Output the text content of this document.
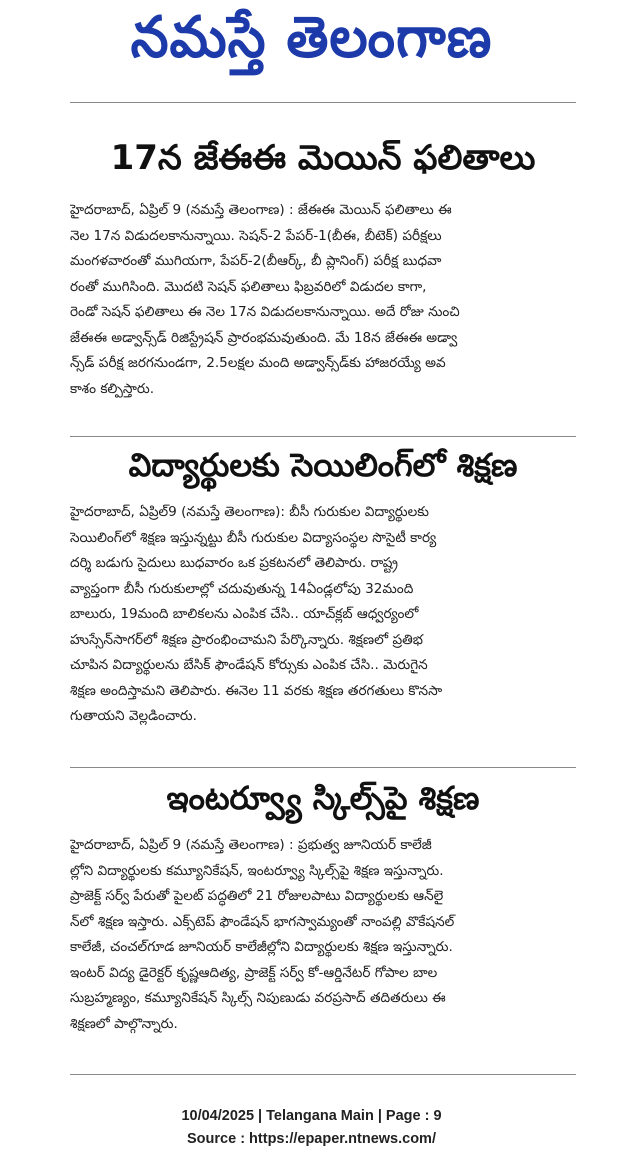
నమస్తే తెలంగాణ
17న జేఈఈ మెయిన్ ఫలితాలు
హైదరాబాద్, ఏప్రిల్ 9 (నమస్తే తెలంగాణ) : జేఈఈ మెయిన్ ఫలితాలు ఈ
నెల 17న విడుదలకానున్నాయి. సెషన్-2 పేపర్-1(బీఈ, బీటెక్) పరీక్షలు
మంగళవారంతో ముగియగా, పేపర్-2(బీఆర్క్, బీ ప్లానింగ్) పరీక్ష బుధవా
రంతో ముగిసింది. మొదటి సెషన్ ఫలితాలు ఫిబ్రవరిలో విడుదల కాగా,
రెండో సెషన్ ఫలితాలు ఈ నెల 17న విడుదలకానున్నాయి. అదే రోజు నుంచి
జేఈఈ అడ్వాన్స్‌డ్ రిజిస్ట్రేషన్ ప్రారంభమవుతుంది. మే 18న జేఈఈ అడ్వా
న్స్‌డ్ పరీక్ష జరగనుండగా, 2.5లక్షల మంది అడ్వాన్స్‌డ్‌కు హాజరయ్యే అవ
కాశం కల్పిస్తారు.
విద్యార్థులకు సెయిలింగ్‌లో శిక్షణ
హైదరాబాద్, ఏప్రిల్9 (నమస్తే తెలంగాణ): బీసీ గురుకుల విద్యార్థులకు
సెయిలింగ్‌లో శిక్షణ ఇస్తున్నట్టు బీసీ గురుకుల విద్యాసంస్థల సొసైటీ కార్య
దర్శి బడుగు సైదులు బుధవారం ఒక ప్రకటనలో తెలిపారు. రాష్ట్ర
వ్యాప్తంగా బీసీ గురుకులాల్లో చదువుతున్న 14ఏండ్లలోపు 32మంది
బాలురు, 19మంది బాలికలను ఎంపిక చేసి.. యాచ్‌క్లబ్ ఆధ్వర్యంలో
హుస్సేన్‌సాగర్‌లో శిక్షణ ప్రారంభించామని పేర్కొన్నారు. శిక్షణలో ప్రతిభ
చూపిన విద్యార్థులను బేసిక్ ఫౌండేషన్ కోర్సుకు ఎంపిక చేసి.. మెరుగైన
శిక్షణ అందిస్తామని తెలిపారు. ఈనెల 11 వరకు శిక్షణ తరగతులు కొనసా
గుతాయని వెల్లడించారు.
ఇంటర్వ్యూ స్కిల్స్‌పై శిక్షణ
హైదరాబాద్, ఏప్రిల్ 9 (నమస్తే తెలంగాణ) : ప్రభుత్వ జూనియర్ కాలేజీ
ల్లోని విద్యార్థులకు కమ్యూనికేషన్, ఇంటర్వ్యూ స్కిల్స్‌పై శిక్షణ ఇస్తున్నారు.
ప్రాజెక్ట్ సర్వ్ పేరుతో పైలట్ పద్ధతిలో 21 రోజులపాటు విద్యార్థులకు ఆన్‌లై
న్‌లో శిక్షణ ఇస్తారు. ఎక్స్‌టెప్ ఫౌండేషన్ భాగస్వామ్యంతో నాంపల్లి వొకేషనల్
కాలేజీ, చంచల్‌గూడ జూనియర్ కాలేజీల్లోని విద్యార్థులకు శిక్షణ ఇస్తున్నారు.
ఇంటర్ విద్య డైరెక్టర్ కృష్ణఆదిత్య, ప్రాజెక్ట్ సర్వ్ కో-ఆర్డినేటర్ గోపాల బాల
సుబ్రహ్మణ్యం, కమ్యూనికేషన్ స్కిల్స్ నిపుణుడు వరప్రసాద్ తదితరులు ఈ
శిక్షణలో పాల్గొన్నారు.
10/04/2025 | Telangana Main | Page : 9
Source : https://epaper.ntnews.com/
